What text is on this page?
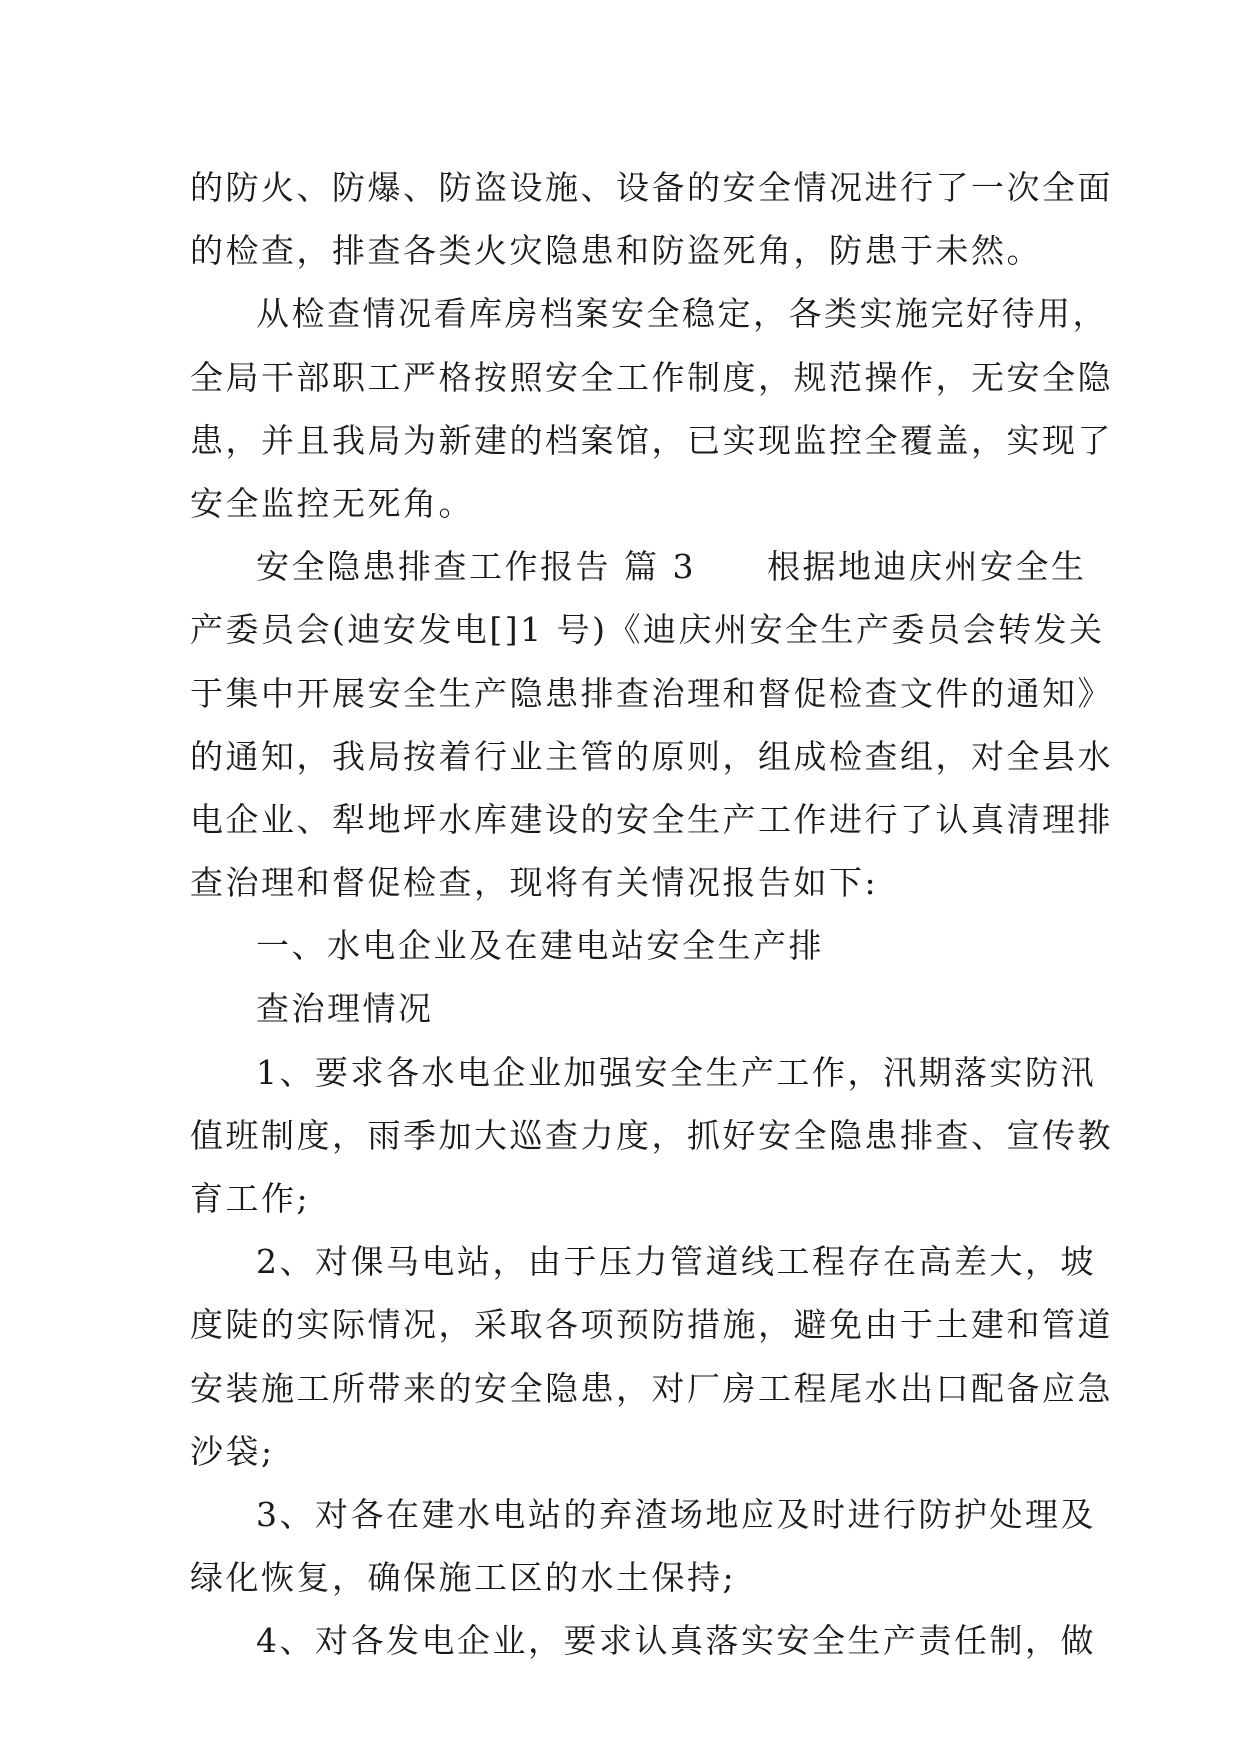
的防火、防爆、防盗设施、设备的安全情况进行了一次全面
的检查，排查各类火灾隐患和防盗死角，防患于未然。
从检查情况看库房档案安全稳定，各类实施完好待用，
全局干部职工严格按照安全工作制度，规范操作，无安全隐
患，并且我局为新建的档案馆，已实现监控全覆盖，实现了
安全监控无死角。
安全隐患排查工作报告 篇 3　　根据地迪庆州安全生
产委员会(迪安发电[]1 号)《迪庆州安全生产委员会转发关
于集中开展安全生产隐患排查治理和督促检查文件的通知》
的通知，我局按着行业主管的原则，组成检查组，对全县水
电企业、犁地坪水库建设的安全生产工作进行了认真清理排
查治理和督促检查，现将有关情况报告如下:
一、水电企业及在建电站安全生产排
查治理情况
1、要求各水电企业加强安全生产工作，汛期落实防汛
值班制度，雨季加大巡查力度，抓好安全隐患排查、宣传教
育工作;
2、对倮马电站，由于压力管道线工程存在高差大，坡
度陡的实际情况，采取各项预防措施，避免由于土建和管道
安装施工所带来的安全隐患，对厂房工程尾水出口配备应急
沙袋;
3、对各在建水电站的弃渣场地应及时进行防护处理及
绿化恢复，确保施工区的水土保持;
4、对各发电企业，要求认真落实安全生产责任制，做
